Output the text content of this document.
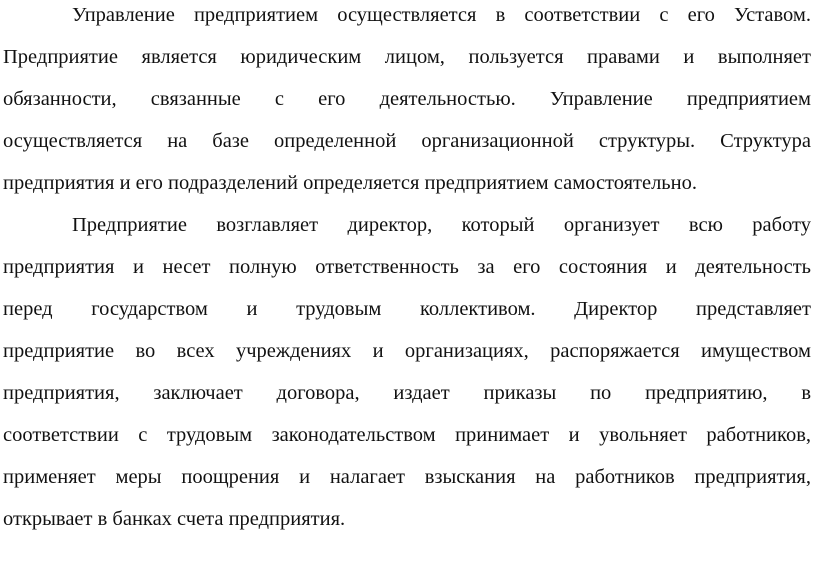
Управление предприятием осуществляется в соответствии с его Уставом.
Предприятие является юридическим лицом, пользуется правами и выполняет
обязанности, связанные с его деятельностью. Управление предприятием
осуществляется на базе определенной организационной структуры. Структура
предприятия и его подразделений определяется предприятием самостоятельно.
Предприятие возглавляет директор, который организует всю работу
предприятия и несет полную ответственность за его состояния и деятельность
перед государством и трудовым коллективом. Директор представляет
предприятие во всех учреждениях и организациях, распоряжается имуществом
предприятия, заключает договора, издает приказы по предприятию, в
соответствии с трудовым законодательством принимает и увольняет работников,
применяет меры поощрения и налагает взыскания на работников предприятия,
открывает в банках счета предприятия.
